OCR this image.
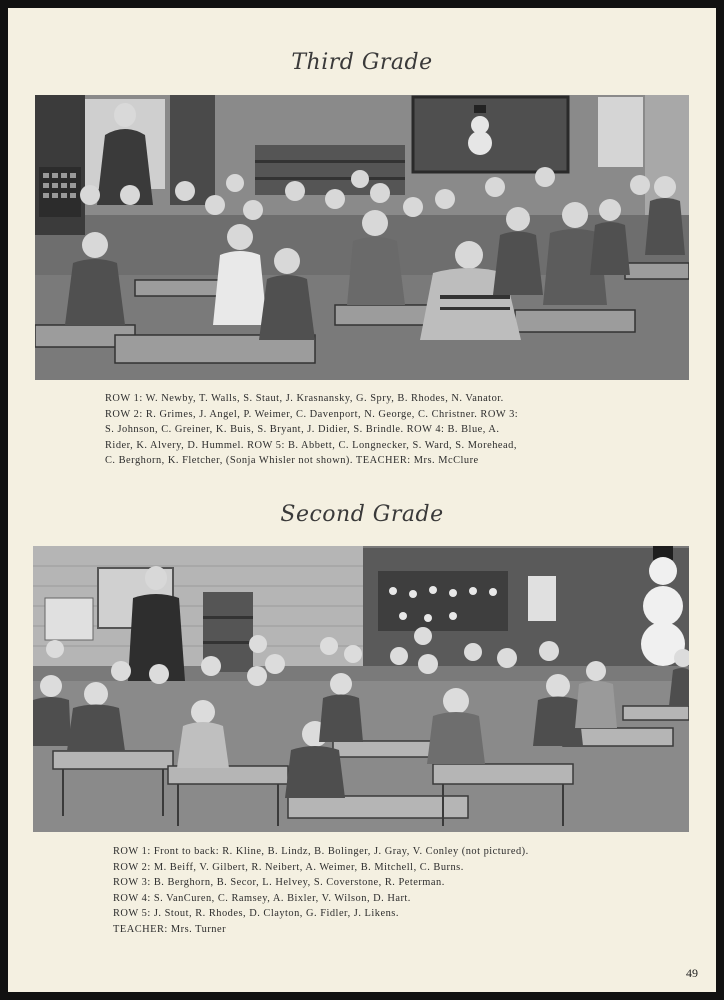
Third Grade
ROW 1: W. Newby, T. Walls, S. Staut, J. Krasnansky, G. Spry, B. Rhodes, N. Vanator.
ROW 2: R. Grimes, J. Angel, P. Weimer, C. Davenport, N. George, C. Christner. ROW 3:
S. Johnson, C. Greiner, K. Buis, S. Bryant, J. Didier, S. Brindle. ROW 4: B. Blue, A.
Rider, K. Alvery, D. Hummel. ROW 5: B. Abbett, C. Longnecker, S. Ward, S. Morehead,
C. Berghorn, K. Fletcher, (Sonja Whisler not shown). TEACHER: Mrs. McClure
Second Grade
ROW 1: Front to back: R. Kline, B. Lindz, B. Bolinger, J. Gray, V. Conley (not pictured).
ROW 2: M. Beiff, V. Gilbert, R. Neibert, A. Weimer, B. Mitchell, C. Burns.
ROW 3: B. Berghorn, B. Secor, L. Helvey, S. Coverstone, R. Peterman.
ROW 4: S. VanCuren, C. Ramsey, A. Bixler, V. Wilson, D. Hart.
ROW 5: J. Stout, R. Rhodes, D. Clayton, G. Fidler, J. Likens.
TEACHER: Mrs. Turner
49
